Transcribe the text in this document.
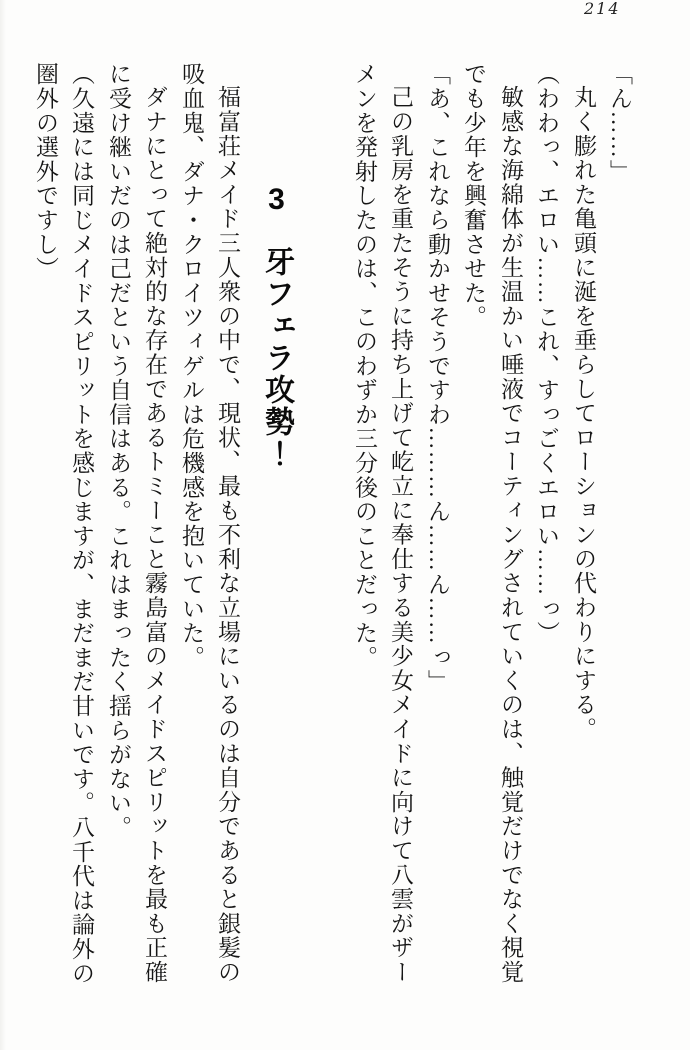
214
「ん……」
丸く膨れた亀頭に涎を垂らしてローションの代わりにする。
（わわっ、エロい……これ、すっごくエロい……っ）
敏感な海綿体が生温かい唾液でコーティングされていくのは、触覚だけでなく視覚
でも少年を興奮させた。
「あ、これなら動かせそうですわ………ん……ん……っ」
己の乳房を重たそうに持ち上げて屹立に奉仕する美少女メイドに向けて八雲がザー
メンを発射したのは、このわずか三分後のことだった。
3牙フェラ攻勢！
福富荘メイド三人衆の中で、現状、最も不利な立場にいるのは自分であると銀髪の
吸血鬼、ダナ・クロイツィゲルは危機感を抱いていた。
ダナにとって絶対的な存在であるトミーこと霧島富のメイドスピリットを最も正確
に受け継いだのは己だという自信はある。これはまったく揺らがない。
（久遠には同じメイドスピリットを感じますが、まだまだ甘いです。八千代は論外の
圏外の選外ですし）
